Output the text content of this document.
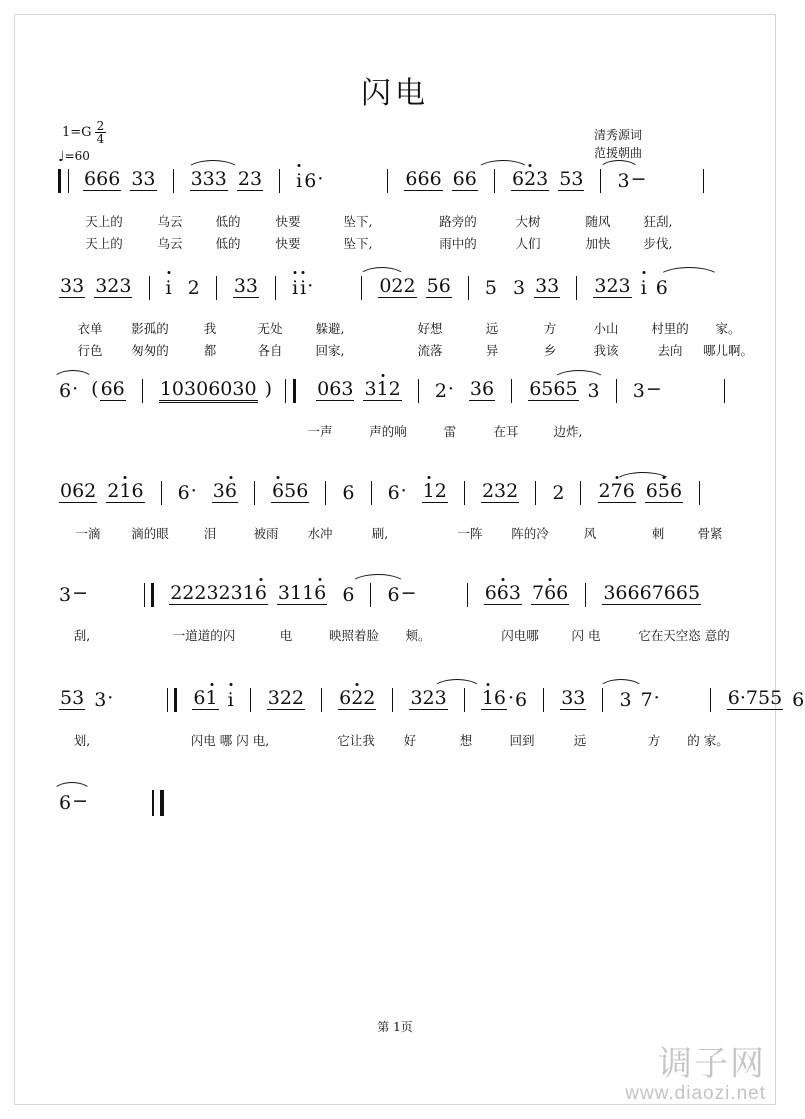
闪电
$1=G \frac{2}{4}$
♩=60
清秀源词
范援朝曲
666 33 333 23 i 6·	666 66 623 53 3−
天上的	乌云	低的	快要	坠下,	路旁的	大树	随风	狂刮,
天上的	乌云	低的	快要	坠下,	雨中的	人们	加快	步伐,
33 323 i 2 33 i i·	022 56 5 3 33 323 i 6
衣单 影孤的	我	无处	躲避,	好想	远	方	小山	村里的 家。
行色 匆匆的	都	各自	回家,	流落	异	乡	我该	去向 哪儿啊。
6· ( 66 10306030 ) 063 312 2· 36 6565 3 3−
一声	声的响	雷	在耳	边炸,
062 216 6· 36 656 6 6· 12 232 2 276 656
一滴 滴的眼	泪	被雨 水冲	刷,	一阵 阵的冷	风	刺	骨紧
3−	22232316 3116 6 6−	663 766 36667665
刮,	一道道的闪	电	映照着脸 颊。	闪电哪	闪 电	它在天空恣 意的
53 3·	61 i 322 622 323 16 ·6 33 3 7·	6·755 6
划,	闪电 哪 闪 电,	它让我 好	想	回到	远	方 的 家。
6−
第 1页
调子网
www.diaozi.net
